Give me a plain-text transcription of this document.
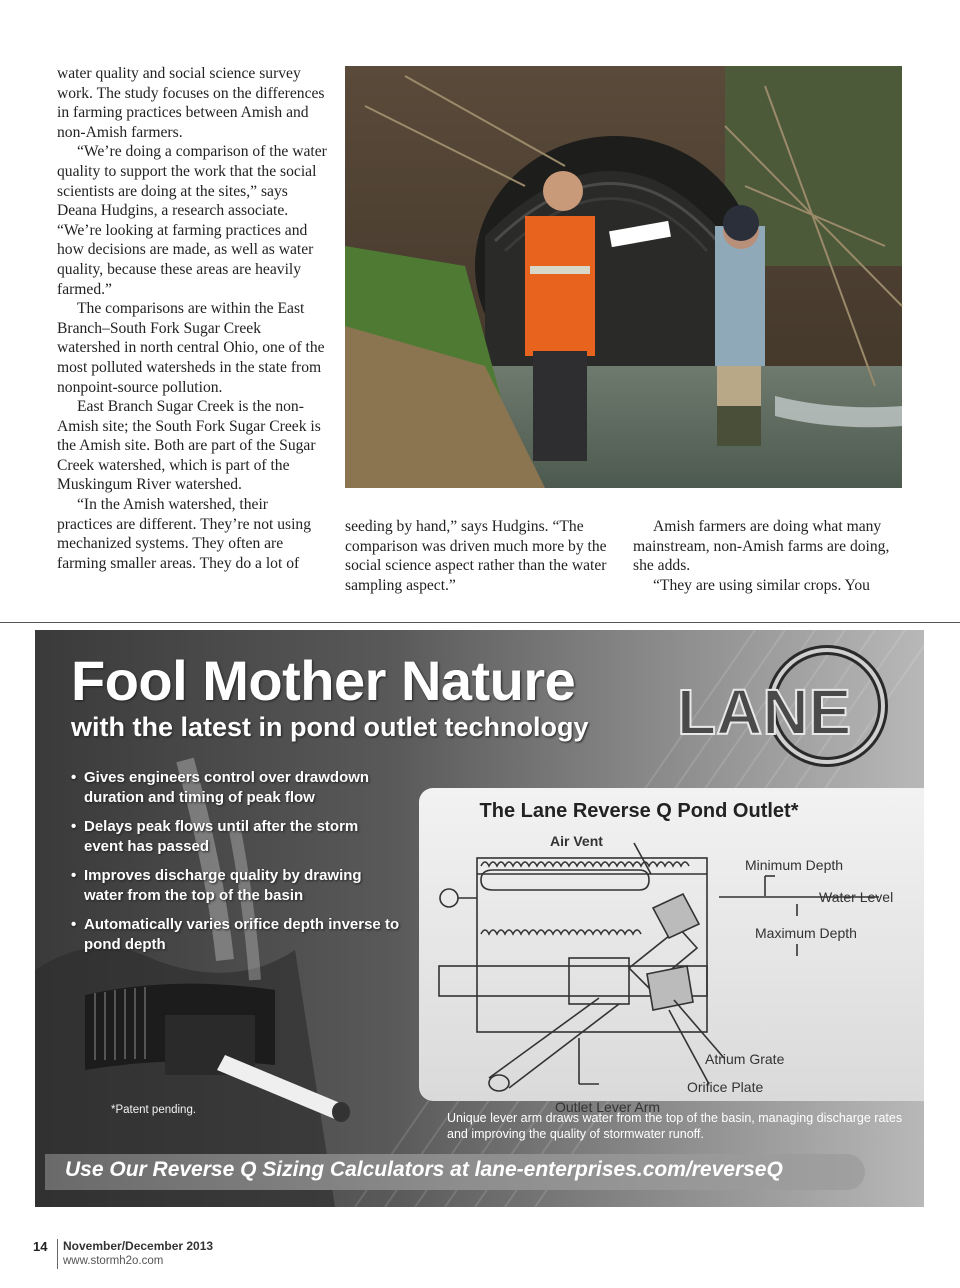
water quality and social science survey work. The study focuses on the differences in farming practices between Amish and non-Amish farmers.

“We’re doing a comparison of the water quality to support the work that the social scientists are doing at the sites,” says Deana Hudgins, a research associate. “We’re looking at farming practices and how decisions are made, as well as water quality, because these areas are heavily farmed.”

The comparisons are within the East Branch–South Fork Sugar Creek watershed in north central Ohio, one of the most polluted watersheds in the state from nonpoint-source pollution.

East Branch Sugar Creek is the non-Amish site; the South Fork Sugar Creek is the Amish site. Both are part of the Sugar Creek watershed, which is part of the Muskingum River watershed.

“In the Amish watershed, their practices are different. They’re not using mechanized systems. They often are farming smaller areas. They do a lot of

seeding by hand,” says Hudgins. “The comparison was driven much more by the social science aspect rather than the water sampling aspect.”

Amish farmers are doing what many mainstream, non-Amish farms are doing, she adds.

“They are using similar crops. You

Fool Mother Nature
with the latest in pond outlet technology LANE
• Gives engineers control over drawdown duration and timing of peak flow
• Delays peak flows until after the storm event has passed
• Improves discharge quality by drawing water from the top of the basin
• Automatically varies orifice depth inverse to pond depth
The Lane Reverse Q Pond Outlet*
Air Vent
Minimum Depth
Water Level
Maximum Depth
Atrium Grate
Orifice Plate
Outlet Lever Arm
*Patent pending.
Unique lever arm draws water from the top of the basin, managing discharge rates and improving the quality of stormwater runoff.
Use Our Reverse Q Sizing Calculators at lane-enterprises.com/reverseQ
14 November/December 2013
www.stormh2o.com
